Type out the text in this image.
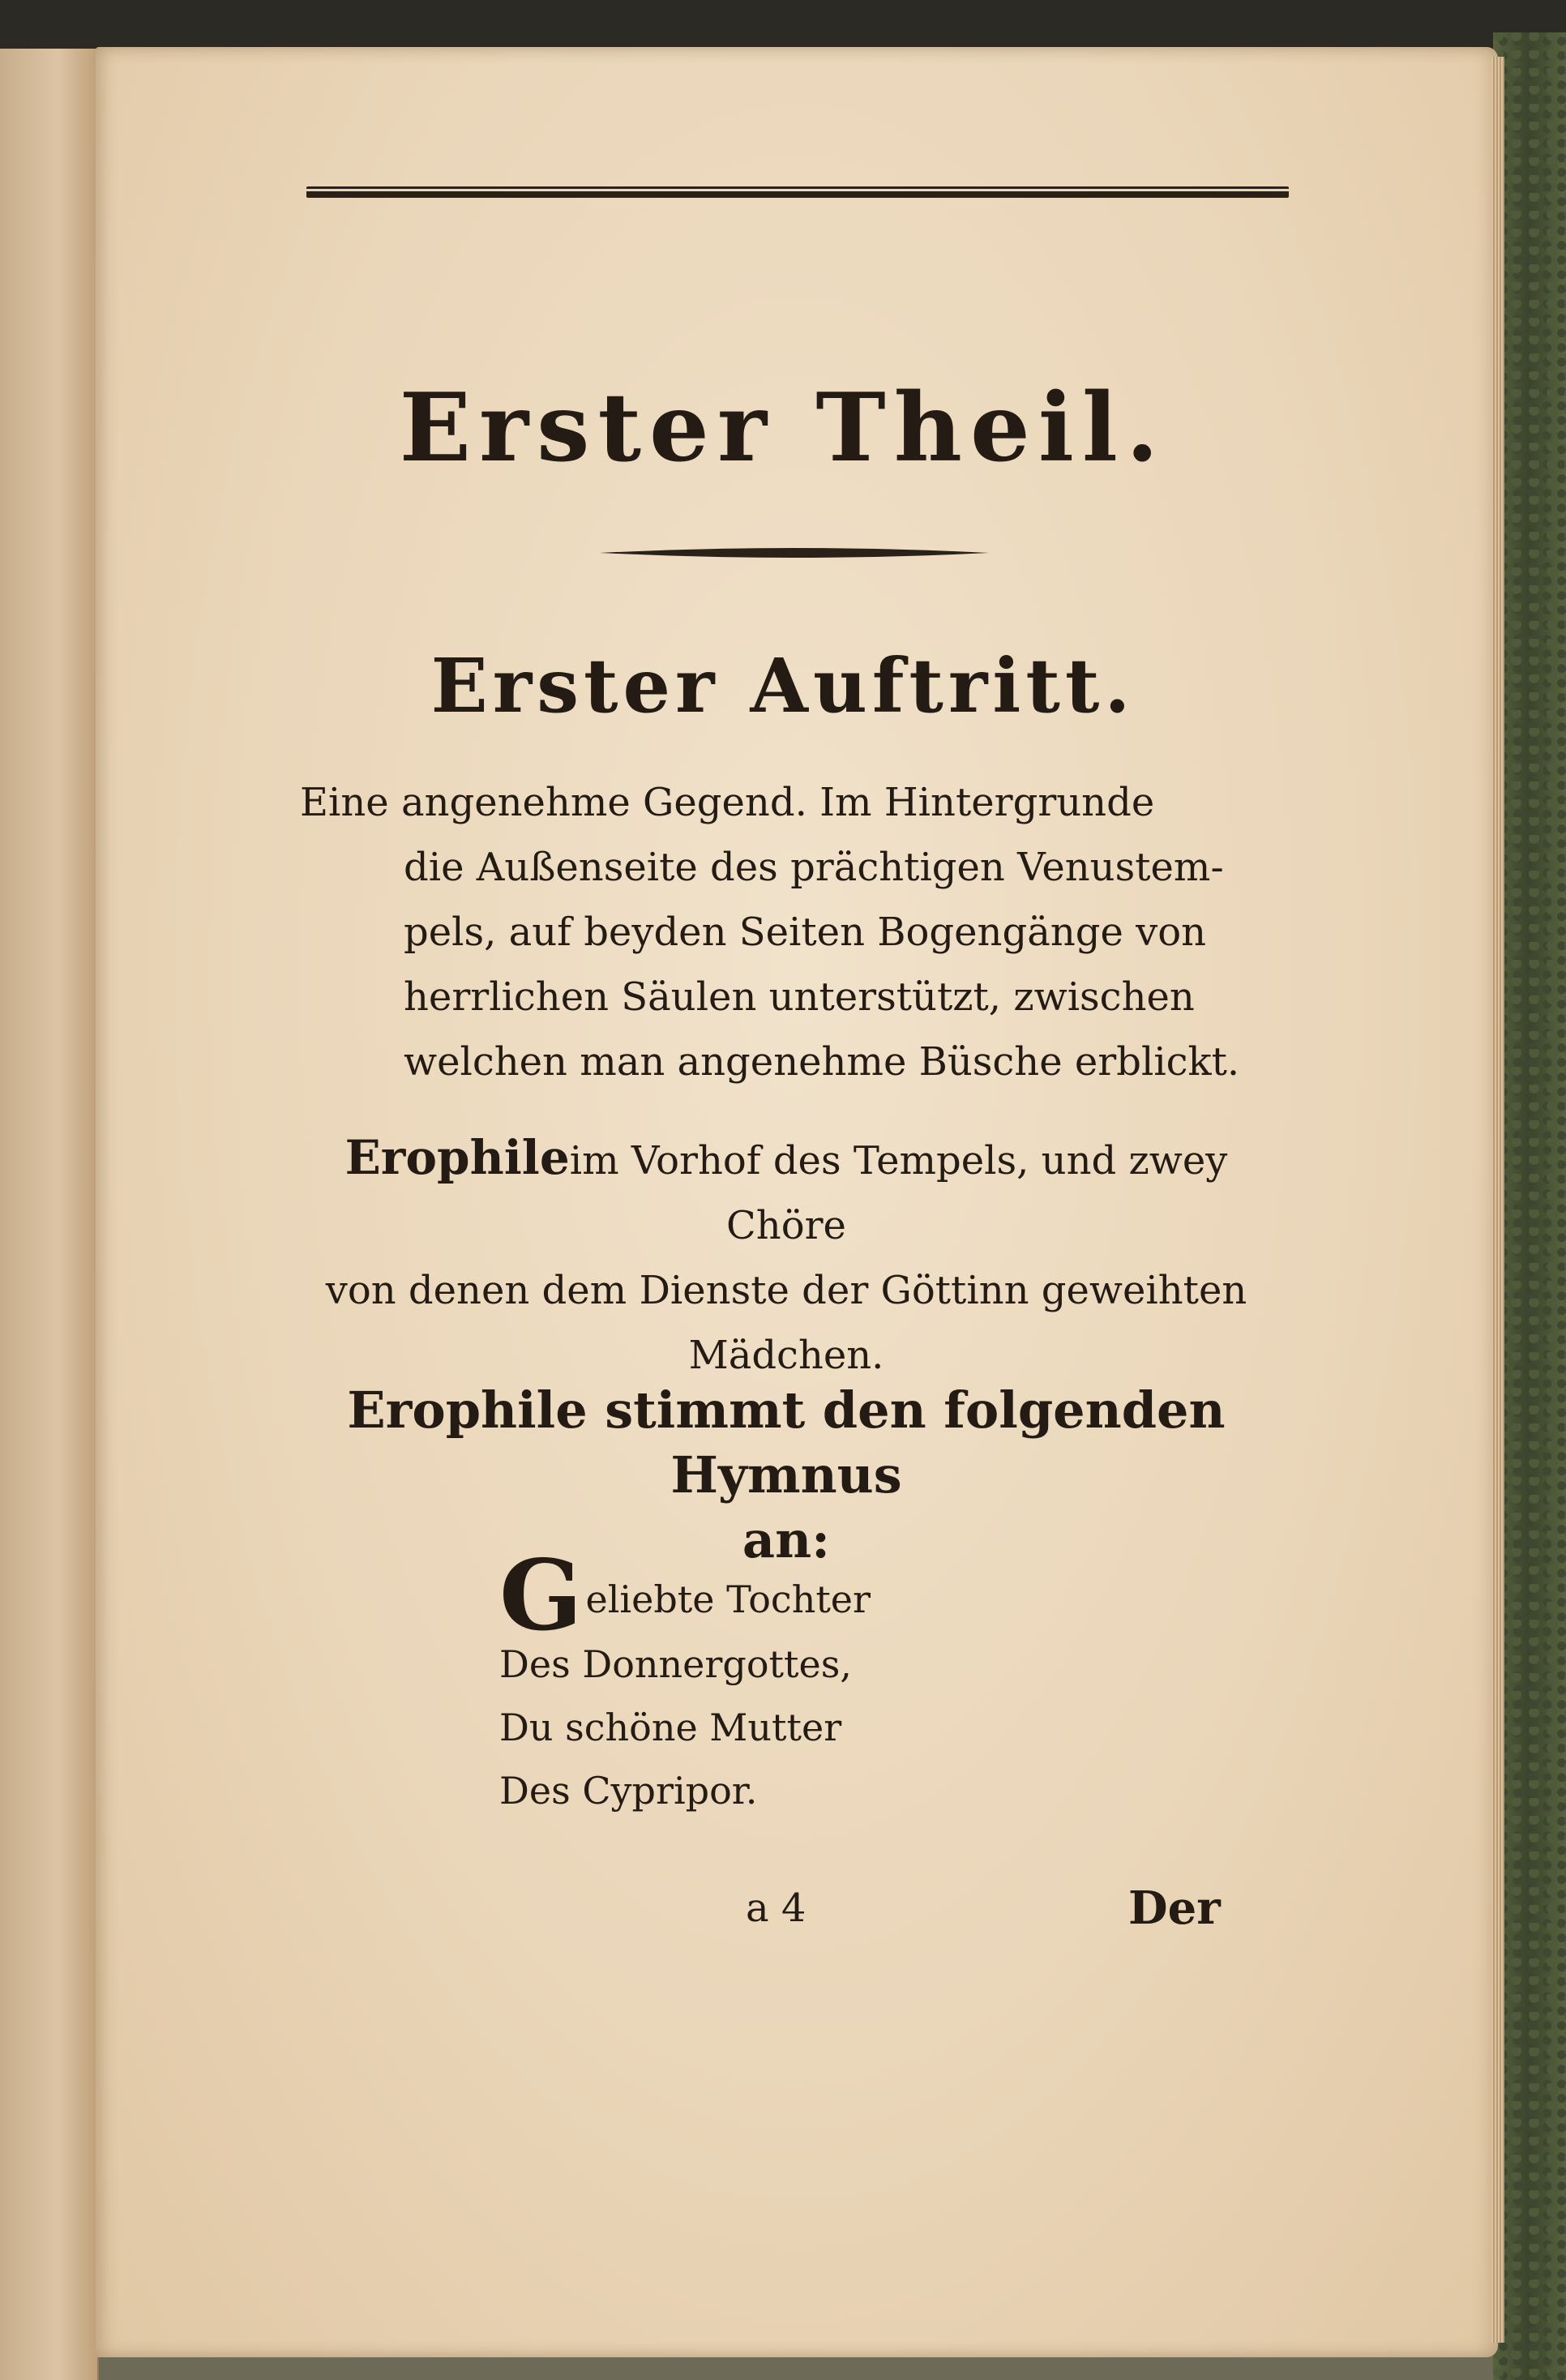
Erster Theil.
Erster Auftritt.
Eine angenehme Gegend. Im Hintergrunde
die Außenseite des prächtigen Venustem-
pels, auf beyden Seiten Bogengänge von
herrlichen Säulen unterstützt, zwischen
welchen man angenehme Büsche erblickt.
Erophileim Vorhof des Tempels, und zwey Chöre
von denen dem Dienste der Göttinn geweihten
Mädchen.
Erophile stimmt den folgenden Hymnus
an:
G eliebte Tochter
Des Donnergottes,
Du schöne Mutter
Des Cypripor.
a 4	Der
